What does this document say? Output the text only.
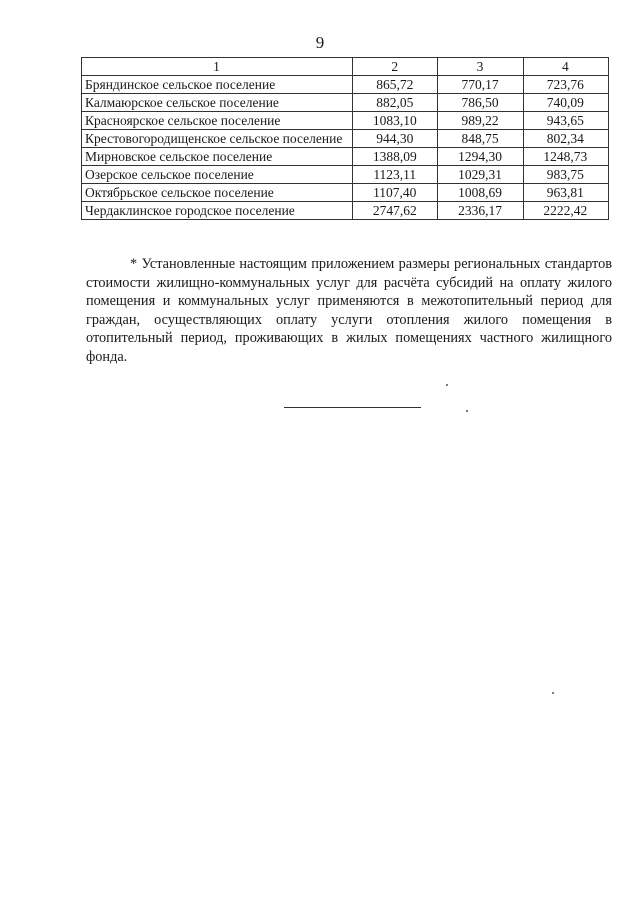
9
1	2	3	4
Бряндинское сельское поселение	865,72	770,17	723,76
Калмаюрское сельское поселение	882,05	786,50	740,09
Красноярское сельское поселение	1083,10	989,22	943,65
Крестовогородищенское сельское поселение	944,30	848,75	802,34
Мирновское сельское поселение	1388,09	1294,30	1248,73
Озерское сельское поселение	1123,11	1029,31	983,75
Октябрьское сельское поселение	1107,40	1008,69	963,81
Чердаклинское городское поселение	2747,62	2336,17	2222,42

* Установленные настоящим приложением размеры региональных стандартов стоимости жилищно-коммунальных услуг для расчёта субсидий на оплату жилого помещения и коммунальных услуг применяются в межотопительный период для граждан, осуществляющих оплату услуги отопления жилого помещения в отопительный период, проживающих в жилых помещениях частного жилищного фонда.
